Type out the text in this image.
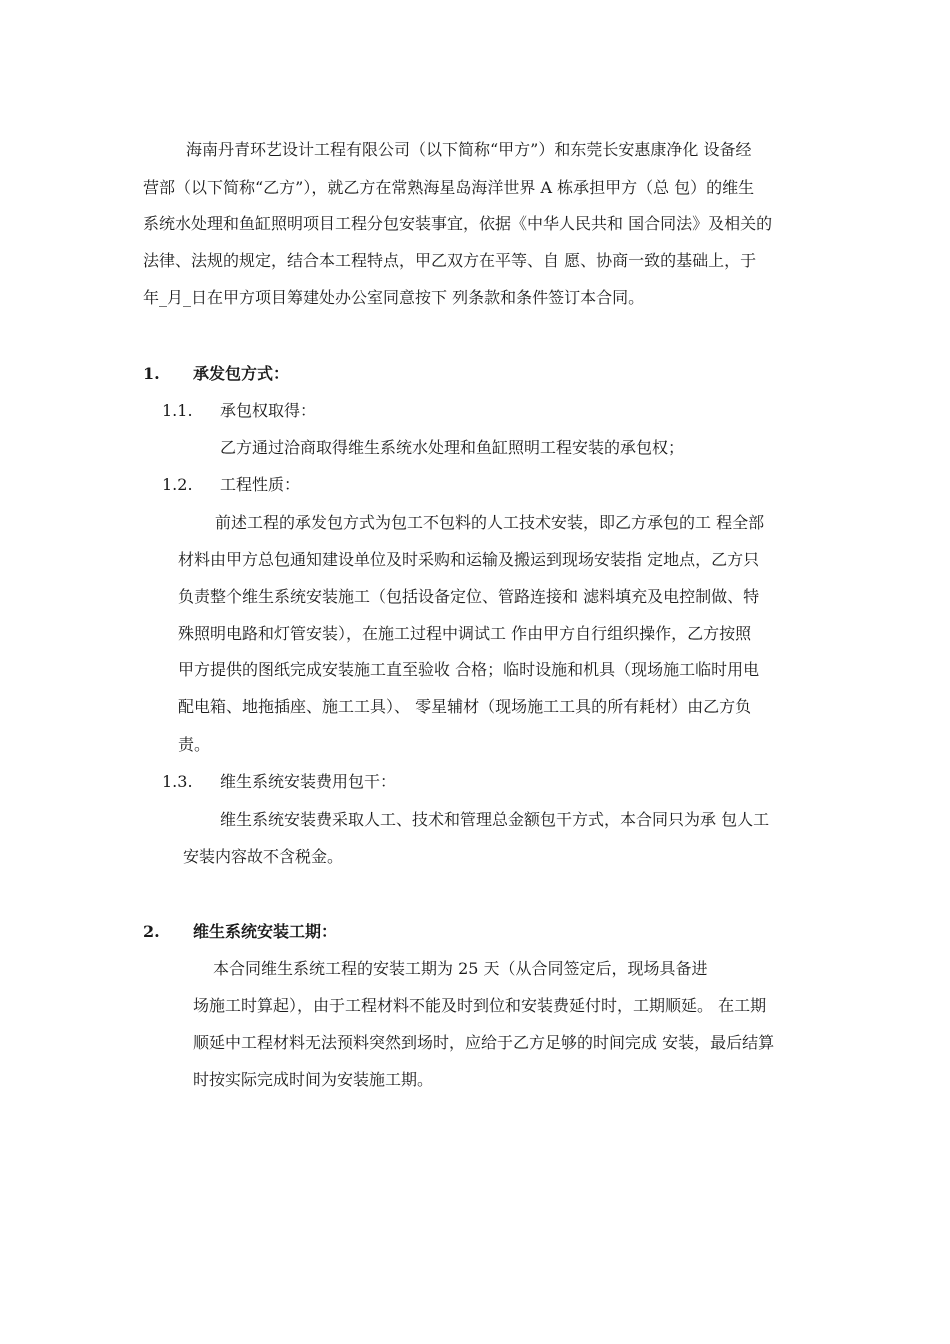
海南丹青环艺设计工程有限公司（以下简称“甲方”）和东莞长安惠康净化 设备经
营部（以下简称“乙方”），就乙方在常熟海星岛海洋世界 A 栋承担甲方（总 包）的维生
系统水处理和鱼缸照明项目工程分包安装事宜，依据《中华人民共和 国合同法》及相关的
法律、法规的规定，结合本工程特点，甲乙双方在平等、自 愿、协商一致的基础上，于
年_月_日在甲方项目筹建处办公室同意按下 列条款和条件签订本合同。
1. 承发包方式：
1.1. 承包权取得：
乙方通过洽商取得维生系统水处理和鱼缸照明工程安装的承包权；
1.2. 工程性质：
前述工程的承发包方式为包工不包料的人工技术安装，即乙方承包的工 程全部
材料由甲方总包通知建设单位及时采购和运输及搬运到现场安装指 定地点，乙方只
负责整个维生系统安装施工（包括设备定位、管路连接和 滤料填充及电控制做、特
殊照明电路和灯管安装），在施工过程中调试工 作由甲方自行组织操作，乙方按照
甲方提供的图纸完成安装施工直至验收 合格；临时设施和机具（现场施工临时用电
配电箱、地拖插座、施工工具）、 零星辅材（现场施工工具的所有耗材）由乙方负
责。
1.3. 维生系统安装费用包干：
维生系统安装费采取人工、技术和管理总金额包干方式，本合同只为承 包人工
安装内容故不含税金。
2. 维生系统安装工期：
本合同维生系统工程的安装工期为 25 天（从合同签定后，现场具备进
场施工时算起），由于工程材料不能及时到位和安装费延付时，工期顺延。 在工期
顺延中工程材料无法预料突然到场时，应给于乙方足够的时间完成 安装，最后结算
时按实际完成时间为安装施工期。
